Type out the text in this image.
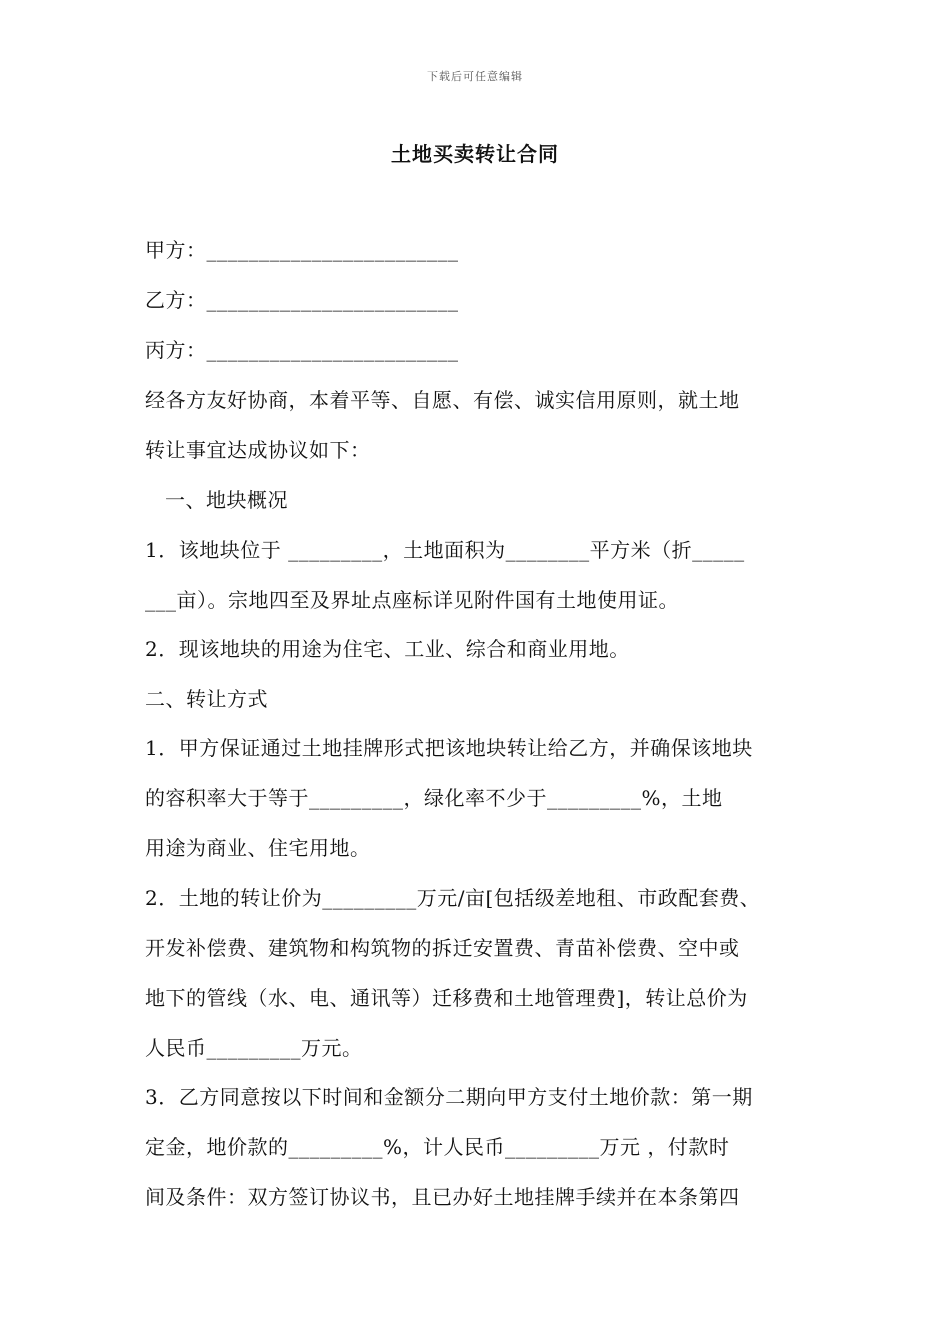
下载后可任意编辑
土地买卖转让合同
甲方：________________________
乙方：________________________
丙方：________________________
经各方友好协商，本着平等、自愿、有偿、诚实信用原则，就土地
转让事宜达成协议如下：
一、地块概况
1．该地块位于 _________，土地面积为________平方米（折_____
___亩）。宗地四至及界址点座标详见附件国有土地使用证。
2．现该地块的用途为住宅、工业、综合和商业用地。
二、转让方式
1．甲方保证通过土地挂牌形式把该地块转让给乙方，并确保该地块
的容积率大于等于_________，绿化率不少于_________%，土地
用途为商业、住宅用地。
2．土地的转让价为_________万元/亩[包括级差地租、市政配套费、
开发补偿费、建筑物和构筑物的拆迁安置费、青苗补偿费、空中或
地下的管线（水、电、通讯等）迁移费和土地管理费]，转让总价为
人民币_________万元。
3．乙方同意按以下时间和金额分二期向甲方支付土地价款：第一期
定金，地价款的_________%，计人民币_________万元 ，付款时
间及条件：双方签订协议书，且已办好土地挂牌手续并在本条第四
